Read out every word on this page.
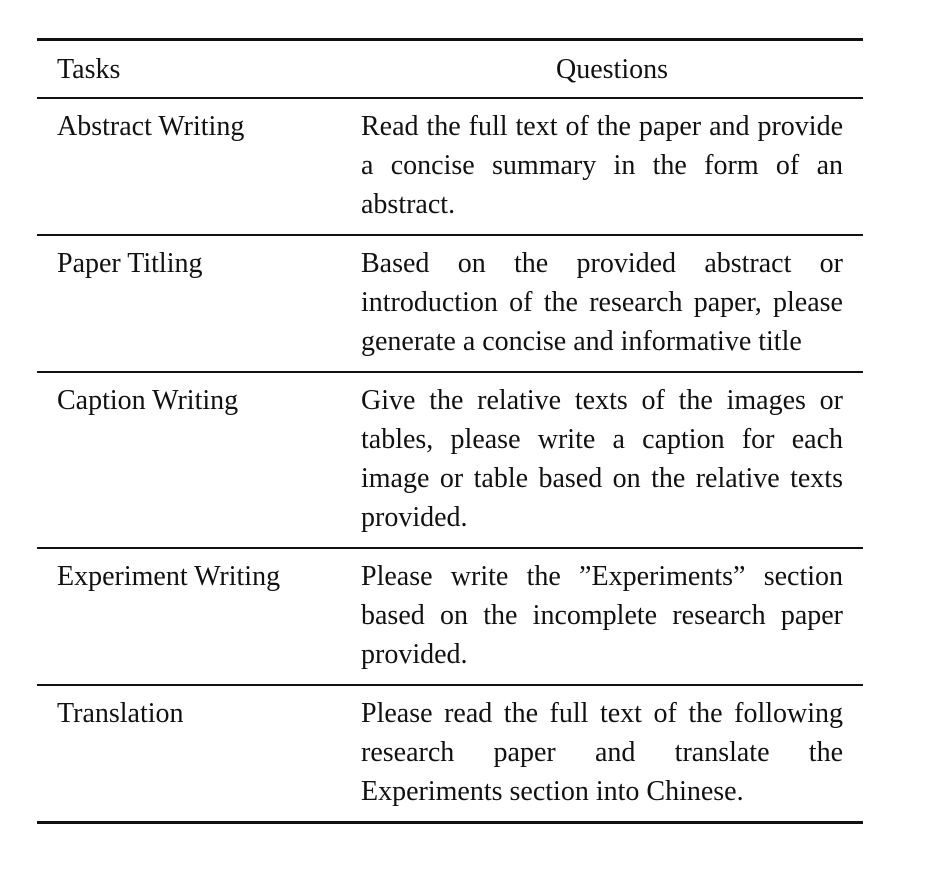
Tasks	Questions
Abstract Writing	Read the full text of the paper and provide a concise summary in the form of an abstract.
Paper Titling	Based on the provided abstract or introduction of the research paper, please generate a concise and informative title
Caption Writing	Give the relative texts of the images or tables, please write a caption for each image or table based on the relative texts provided.
Experiment Writing	Please write the ”Experiments” section based on the incomplete research paper provided.
Translation	Please read the full text of the following research paper and translate the Experiments section into Chinese.
